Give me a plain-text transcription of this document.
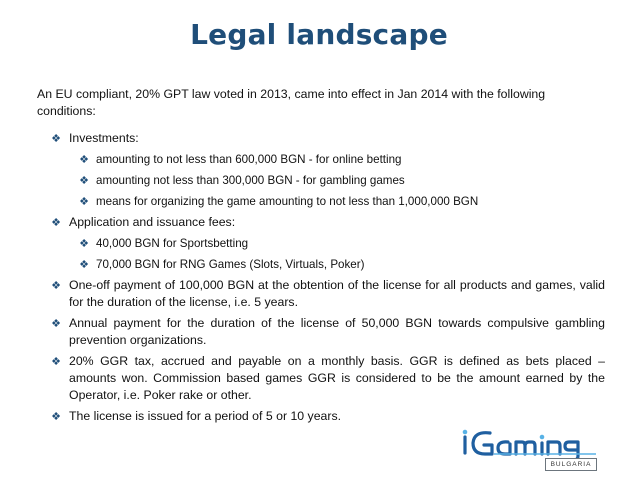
Legal landscape
An EU compliant, 20% GPT law voted in 2013, came into effect in Jan 2014 with the following conditions:
❖ Investments:
❖ amounting to not less than 600,000 BGN - for online betting
❖ amounting not less than 300,000 BGN - for gambling games
❖ means for organizing the game amounting to not less than 1,000,000 BGN
❖ Application and issuance fees:
❖ 40,000 BGN for Sportsbetting
❖ 70,000 BGN for RNG Games (Slots, Virtuals, Poker)
❖ One-off payment of 100,000 BGN at the obtention of the license for all products and games, valid for the duration of the license, i.e. 5 years.
❖ Annual payment for the duration of the license of 50,000 BGN towards compulsive gambling prevention organizations.
❖ 20% GGR tax, accrued and payable on a monthly basis. GGR is defined as bets placed – amounts won. Commission based games GGR is considered to be the amount earned by the Operator, i.e. Poker rake or other.
❖ The license is issued for a period of 5 or 10 years.
BULGARIA
